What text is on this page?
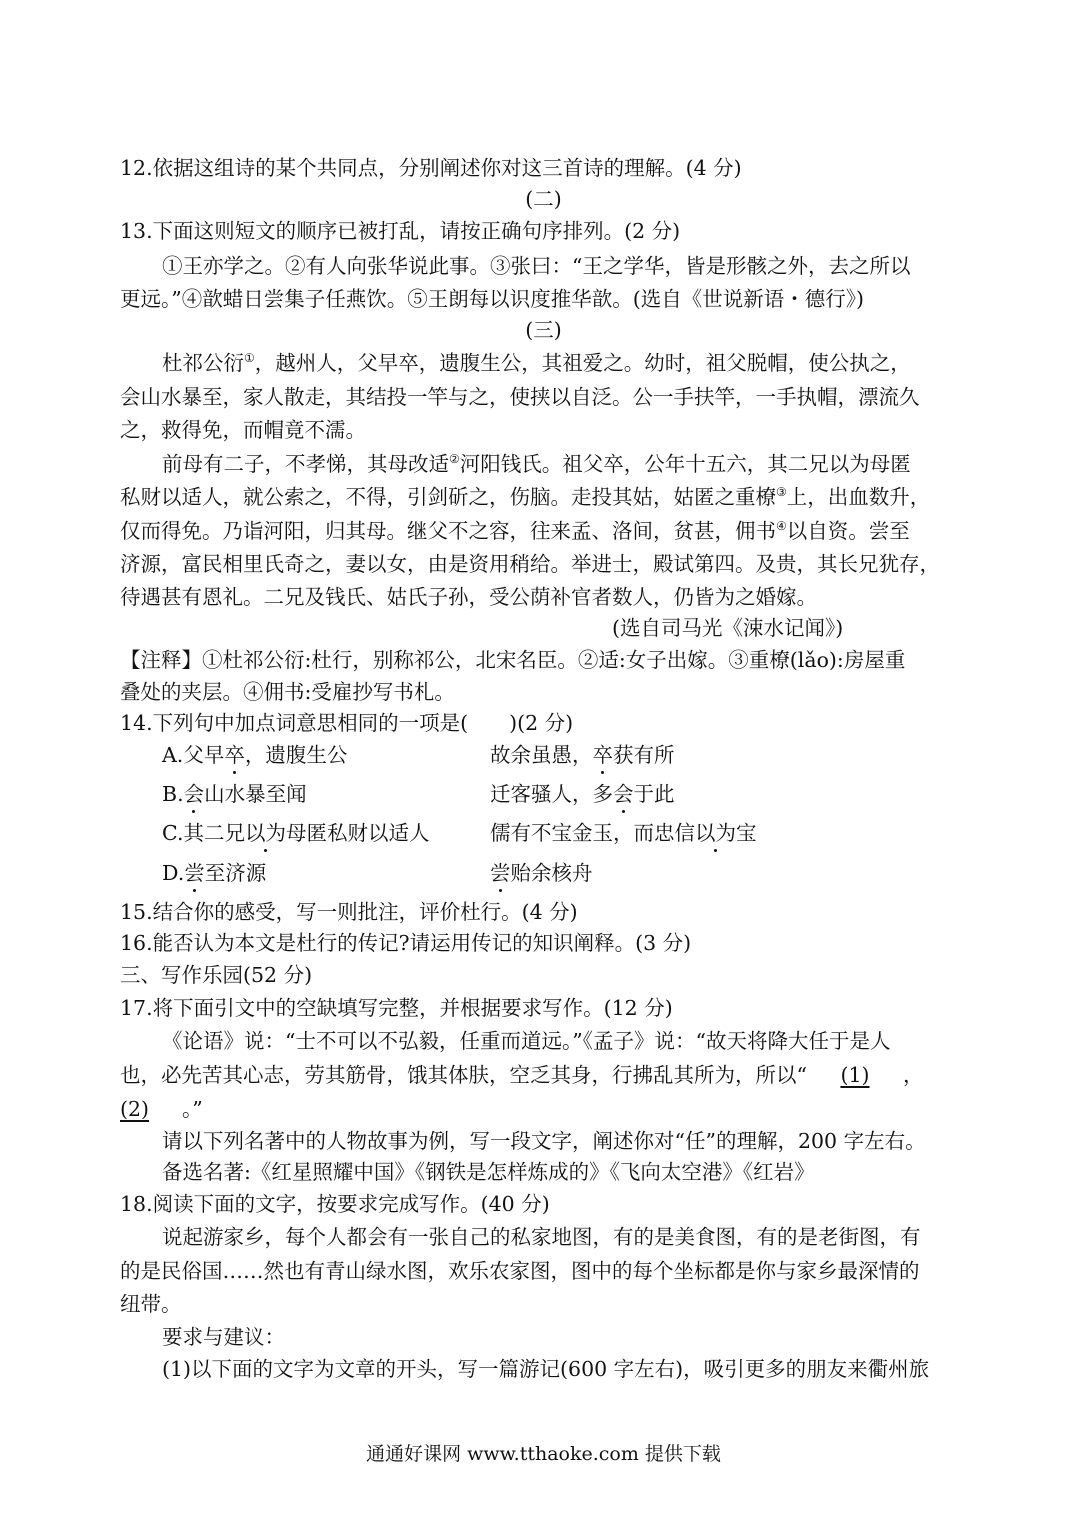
12.依据这组诗的某个共同点，分别阐述你对这三首诗的理解。(4 分)
(二)
13.下面这则短文的顺序已被打乱，请按正确句序排列。(2 分)
①王亦学之。②有人向张华说此事。③张曰：“王之学华，皆是形骸之外，去之所以
更远。”④歆蜡日尝集子任燕饮。⑤王朗每以识度推华歆。(选自《世说新语・德行》)
(三)
杜祁公衍①，越州人，父早卒，遗腹生公，其祖爱之。幼时，祖父脱帽，使公执之，
会山水暴至，家人散走，其结投一竿与之，使挟以自泛。公一手扶竿，一手执帽，漂流久
之，救得免，而帽竟不濡。
前母有二子，不孝悌，其母改适②河阳钱氏。祖父卒，公年十五六，其二兄以为母匿
私财以适人，就公索之，不得，引剑斫之，伤脑。走投其姑，姑匿之重橑③上，出血数升，
仅而得免。乃诣河阳，归其母。继父不之容，往来孟、洛间，贫甚，佣书④以自资。尝至
济源，富民相里氏奇之，妻以女，由是资用稍给。举进士，殿试第四。及贵，其长兄犹存，
待遇甚有恩礼。二兄及钱氏、姑氏子孙，受公荫补官者数人，仍皆为之婚嫁。
(选自司马光《涑水记闻》)
【注释】①杜祁公衍:杜行，别称祁公，北宋名臣。②适:女子出嫁。③重橑(lǎo):房屋重
叠处的夹层。④佣书:受雇抄写书札。
14.下列句中加点词意思相同的一项是(　　)(2 分)
A.父早卒，遗腹生公	故余虽愚，卒获有所
B.会山水暴至闻	迁客骚人，多会于此
C.其二兄以为母匿私财以适人	儒有不宝金玉，而忠信以为宝
D.尝至济源	尝贻余核舟
15.结合你的感受，写一则批注，评价杜行。(4 分)
16.能否认为本文是杜行的传记?请运用传记的知识阐释。(3 分)
三、写作乐园(52 分)
17.将下面引文中的空缺填写完整，并根据要求写作。(12 分)
《论语》说：“士不可以不弘毅，任重而道远。”《孟子》说：“故天将降大任于是人
也，必先苦其心志，劳其筋骨，饿其体肤，空乏其身，行拂乱其所为，所以“ (1) ，
(2) 。”
请以下列名著中的人物故事为例，写一段文字，阐述你对“任”的理解，200 字左右。
备选名著:《红星照耀中国》《钢铁是怎样炼成的》《飞向太空港》《红岩》
18.阅读下面的文字，按要求完成写作。(40 分)
说起游家乡，每个人都会有一张自己的私家地图，有的是美食图，有的是老街图，有
的是民俗国……然也有青山绿水图，欢乐农家图，图中的每个坐标都是你与家乡最深情的
纽带。
要求与建议：
(1)以下面的文字为文章的开头，写一篇游记(600 字左右)，吸引更多的朋友来衢州旅
通通好课网 www.tthaoke.com 提供下载
